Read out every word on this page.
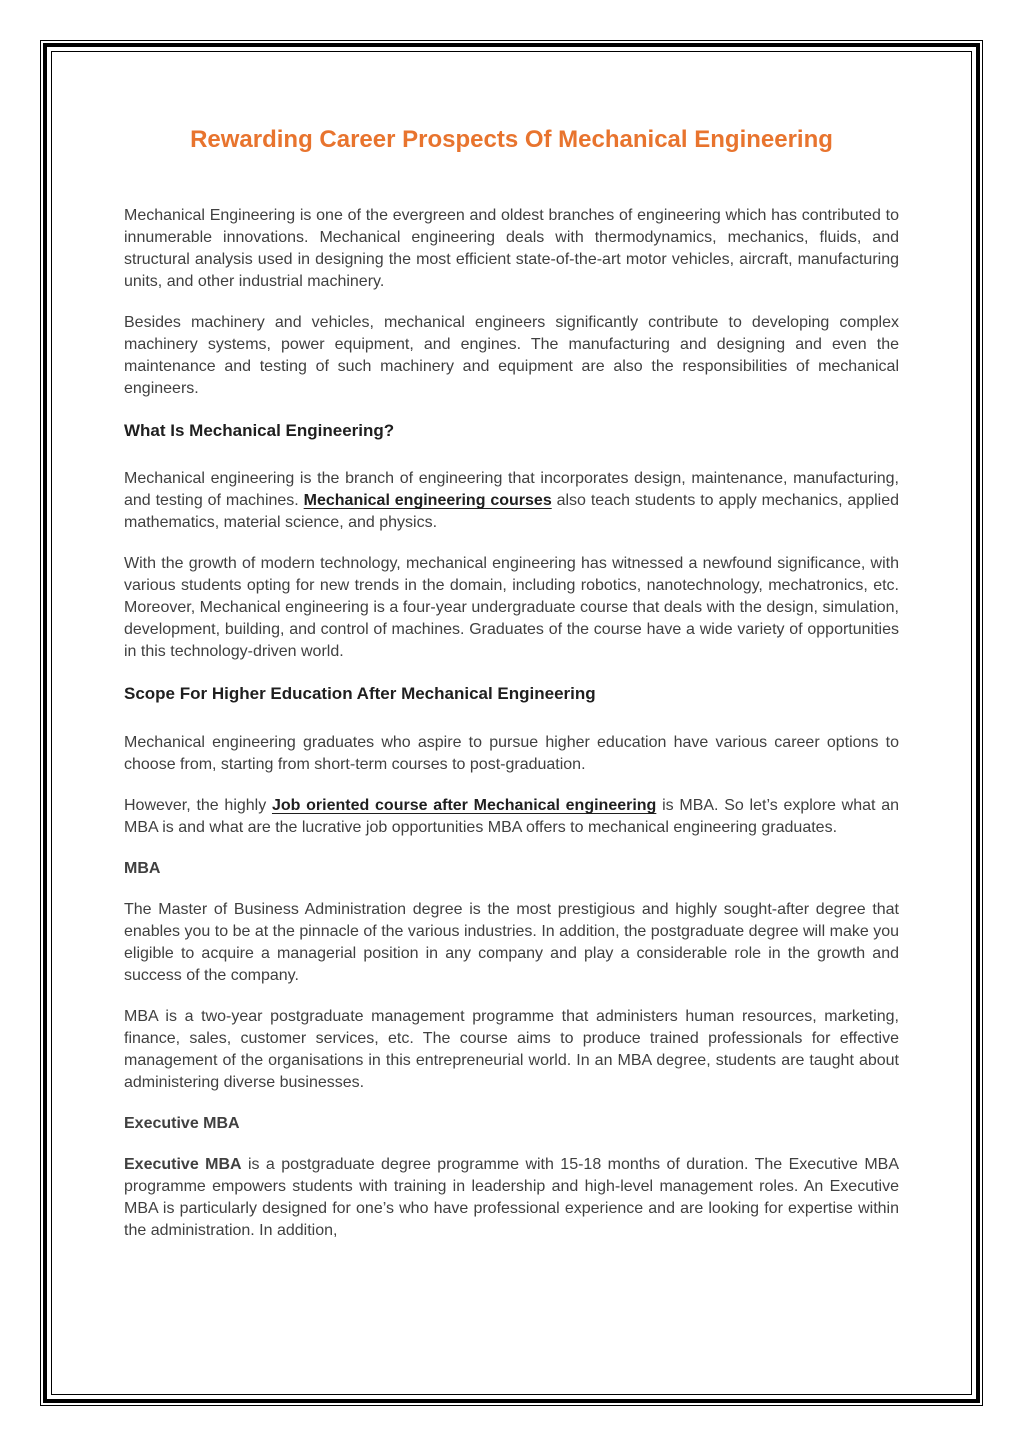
Rewarding Career Prospects Of Mechanical Engineering

Mechanical Engineering is one of the evergreen and oldest branches of engineering which has contributed to innumerable innovations. Mechanical engineering deals with thermodynamics, mechanics, fluids, and structural analysis used in designing the most efficient state-of-the-art motor vehicles, aircraft, manufacturing units, and other industrial machinery.

Besides machinery and vehicles, mechanical engineers significantly contribute to developing complex machinery systems, power equipment, and engines. The manufacturing and designing and even the maintenance and testing of such machinery and equipment are also the responsibilities of mechanical engineers.

What Is Mechanical Engineering?

Mechanical engineering is the branch of engineering that incorporates design, maintenance, manufacturing, and testing of machines. Mechanical engineering courses also teach students to apply mechanics, applied mathematics, material science, and physics.

With the growth of modern technology, mechanical engineering has witnessed a newfound significance, with various students opting for new trends in the domain, including robotics, nanotechnology, mechatronics, etc. Moreover, Mechanical engineering is a four-year undergraduate course that deals with the design, simulation, development, building, and control of machines. Graduates of the course have a wide variety of opportunities in this technology-driven world.

Scope For Higher Education After Mechanical Engineering

Mechanical engineering graduates who aspire to pursue higher education have various career options to choose from, starting from short-term courses to post-graduation.

However, the highly Job oriented course after Mechanical engineering is MBA. So let’s explore what an MBA is and what are the lucrative job opportunities MBA offers to mechanical engineering graduates.

MBA

The Master of Business Administration degree is the most prestigious and highly sought-after degree that enables you to be at the pinnacle of the various industries. In addition, the postgraduate degree will make you eligible to acquire a managerial position in any company and play a considerable role in the growth and success of the company.

MBA is a two-year postgraduate management programme that administers human resources, marketing, finance, sales, customer services, etc. The course aims to produce trained professionals for effective management of the organisations in this entrepreneurial world. In an MBA degree, students are taught about administering diverse businesses.

Executive MBA

Executive MBA is a postgraduate degree programme with 15-18 months of duration. The Executive MBA programme empowers students with training in leadership and high-level management roles. An Executive MBA is particularly designed for one’s who have professional experience and are looking for expertise within the administration. In addition,
